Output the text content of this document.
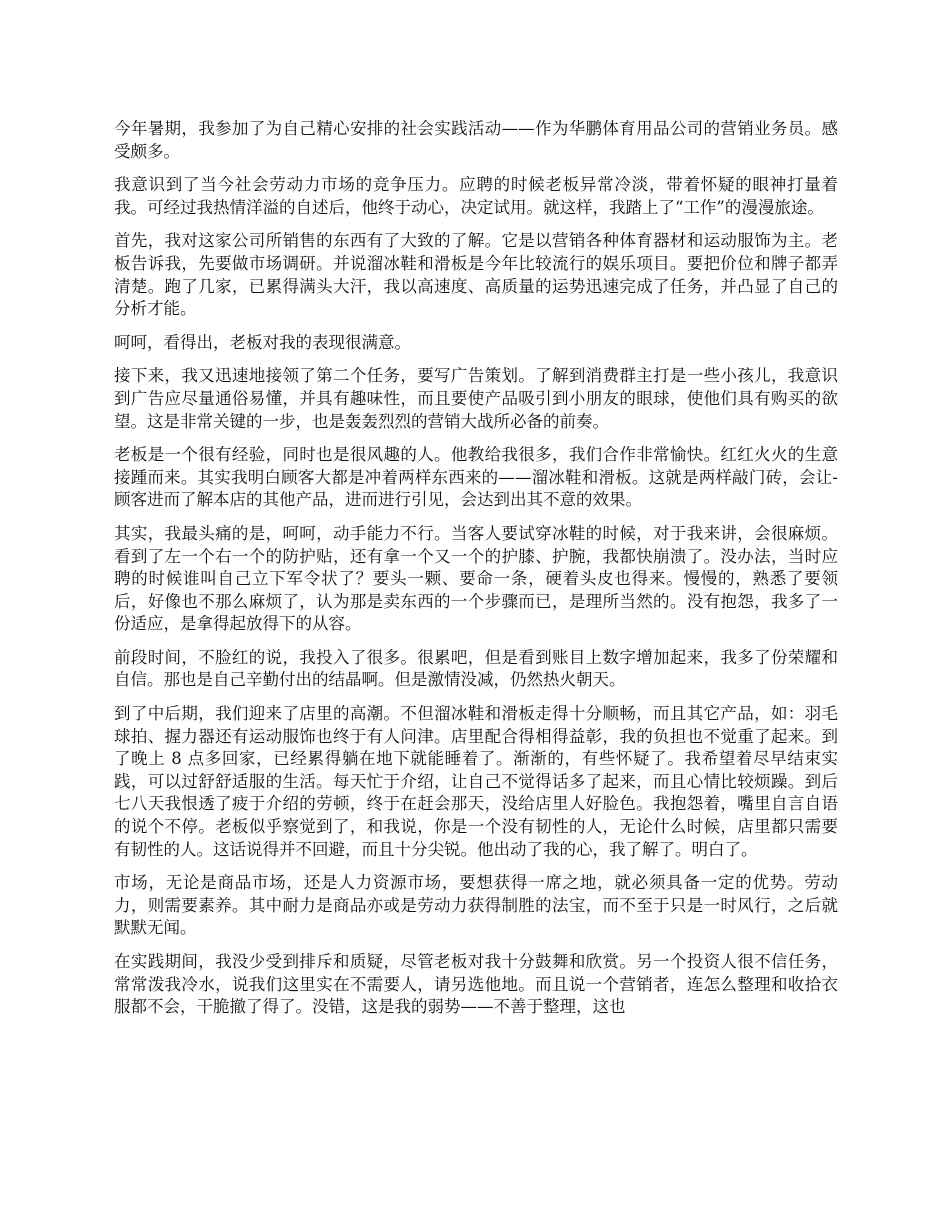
今年暑期，我参加了为自己精心安排的社会实践活动——作为华鹏体育用品公司的营销业务员。感受颇多。

我意识到了当今社会劳动力市场的竞争压力。应聘的时候老板异常冷淡，带着怀疑的眼神打量着我。可经过我热情洋溢的自述后，他终于动心，决定试用。就这样，我踏上了“工作”的漫漫旅途。

首先，我对这家公司所销售的东西有了大致的了解。它是以营销各种体育器材和运动服饰为主。老板告诉我，先要做市场调研。并说溜冰鞋和滑板是今年比较流行的娱乐项目。要把价位和牌子都弄清楚。跑了几家，已累得满头大汗，我以高速度、高质量的运势迅速完成了任务，并凸显了自己的分析才能。

呵呵，看得出，老板对我的表现很满意。

接下来，我又迅速地接领了第二个任务，要写广告策划。了解到消费群主打是一些小孩儿，我意识到广告应尽量通俗易懂，并具有趣味性，而且要使产品吸引到小朋友的眼球，使他们具有购买的欲望。这是非常关键的一步，也是轰轰烈烈的营销大战所必备的前奏。

老板是一个很有经验，同时也是很风趣的人。他教给我很多，我们合作非常愉快。红红火火的生意接踵而来。其实我明白顾客大都是冲着两样东西来的——溜冰鞋和滑板。这就是两样敲门砖，会让-顾客进而了解本店的其他产品，进而进行引见，会达到出其不意的效果。

其实，我最头痛的是，呵呵，动手能力不行。当客人要试穿冰鞋的时候，对于我来讲，会很麻烦。看到了左一个右一个的防护贴，还有拿一个又一个的护膝、护腕，我都快崩溃了。没办法，当时应聘的时候谁叫自己立下军令状了？要头一颗、要命一条，硬着头皮也得来。慢慢的，熟悉了要领后，好像也不那么麻烦了，认为那是卖东西的一个步骤而已，是理所当然的。没有抱怨，我多了一份适应，是拿得起放得下的从容。

前段时间，不脸红的说，我投入了很多。很累吧，但是看到账目上数字增加起来，我多了份荣耀和自信。那也是自己辛勤付出的结晶啊。但是激情没减，仍然热火朝天。

到了中后期，我们迎来了店里的高潮。不但溜冰鞋和滑板走得十分顺畅，而且其它产品，如：羽毛球拍、握力器还有运动服饰也终于有人问津。店里配合得相得益彰，我的负担也不觉重了起来。到了晚上 8 点多回家，已经累得躺在地下就能睡着了。渐渐的，有些怀疑了。我希望着尽早结束实践，可以过舒舒适服的生活。每天忙于介绍，让自己不觉得话多了起来，而且心情比较烦躁。到后七八天我恨透了疲于介绍的劳顿，终于在赶会那天，没给店里人好脸色。我抱怨着，嘴里自言自语的说个不停。老板似乎察觉到了，和我说，你是一个没有韧性的人，无论什么时候，店里都只需要有韧性的人。这话说得并不回避，而且十分尖锐。他出动了我的心，我了解了。明白了。

市场，无论是商品市场，还是人力资源市场，要想获得一席之地，就必须具备一定的优势。劳动力，则需要素养。其中耐力是商品亦或是劳动力获得制胜的法宝，而不至于只是一时风行，之后就默默无闻。

在实践期间，我没少受到排斥和质疑，尽管老板对我十分鼓舞和欣赏。另一个投资人很不信任务，常常泼我冷水，说我们这里实在不需要人，请另选他地。而且说一个营销者，连怎么整理和收拾衣服都不会，干脆撤了得了。没错，这是我的弱势——不善于整理，这也
